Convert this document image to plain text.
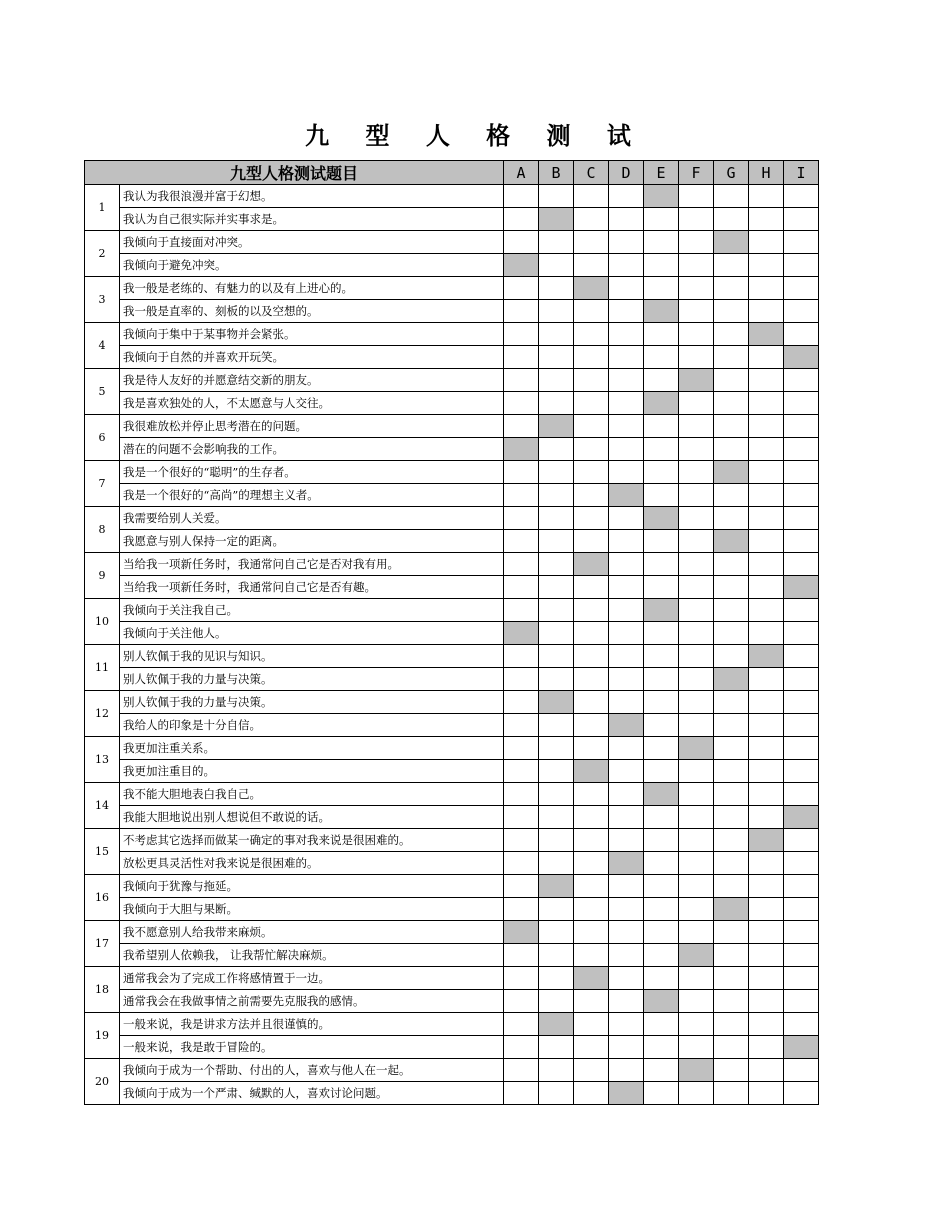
九 型 人 格 测 试
九型人格测试题目		A	B	C	D	E	F	G	H	I
1	我认为我很浪漫并富于幻想。									
	我认为自己很实际并实事求是。									
2	我倾向于直接面对冲突。									
	我倾向于避免冲突。									
3	我一般是老练的、有魅力的以及有上进心的。									
	我一般是直率的、刻板的以及空想的。									
4	我倾向于集中于某事物并会紧张。									
	我倾向于自然的并喜欢开玩笑。									
5	我是待人友好的并愿意结交新的朋友。									
	我是喜欢独处的人，不太愿意与人交往。									
6	我很难放松并停止思考潜在的问题。									
	潜在的问题不会影响我的工作。									
7	我是一个很好的“聪明”的生存者。									
	我是一个很好的“高尚”的理想主义者。									
8	我需要给别人关爱。									
	我愿意与别人保持一定的距离。									
9	当给我一项新任务时，我通常问自己它是否对我有用。									
	当给我一项新任务时，我通常问自己它是否有趣。									
10	我倾向于关注我自己。									
	我倾向于关注他人。									
11	别人钦佩于我的见识与知识。									
	别人钦佩于我的力量与决策。									
12	别人钦佩于我的力量与决策。									
	我给人的印象是十分自信。									
13	我更加注重关系。									
	我更加注重目的。									
14	我不能大胆地表白我自己。									
	我能大胆地说出别人想说但不敢说的话。									
15	不考虑其它选择而做某一确定的事对我来说是很困难的。									
	放松更具灵活性对我来说是很困难的。									
16	我倾向于犹豫与拖延。									
	我倾向于大胆与果断。									
17	我不愿意别人给我带来麻烦。									
	我希望别人依赖我， 让我帮忙解决麻烦。									
18	通常我会为了完成工作将感情置于一边。									
	通常我会在我做事情之前需要先克服我的感情。									
19	一般来说，我是讲求方法并且很谨慎的。									
	一般来说，我是敢于冒险的。									
20	我倾向于成为一个帮助、付出的人，喜欢与他人在一起。									
	我倾向于成为一个严肃、缄默的人，喜欢讨论问题。									
